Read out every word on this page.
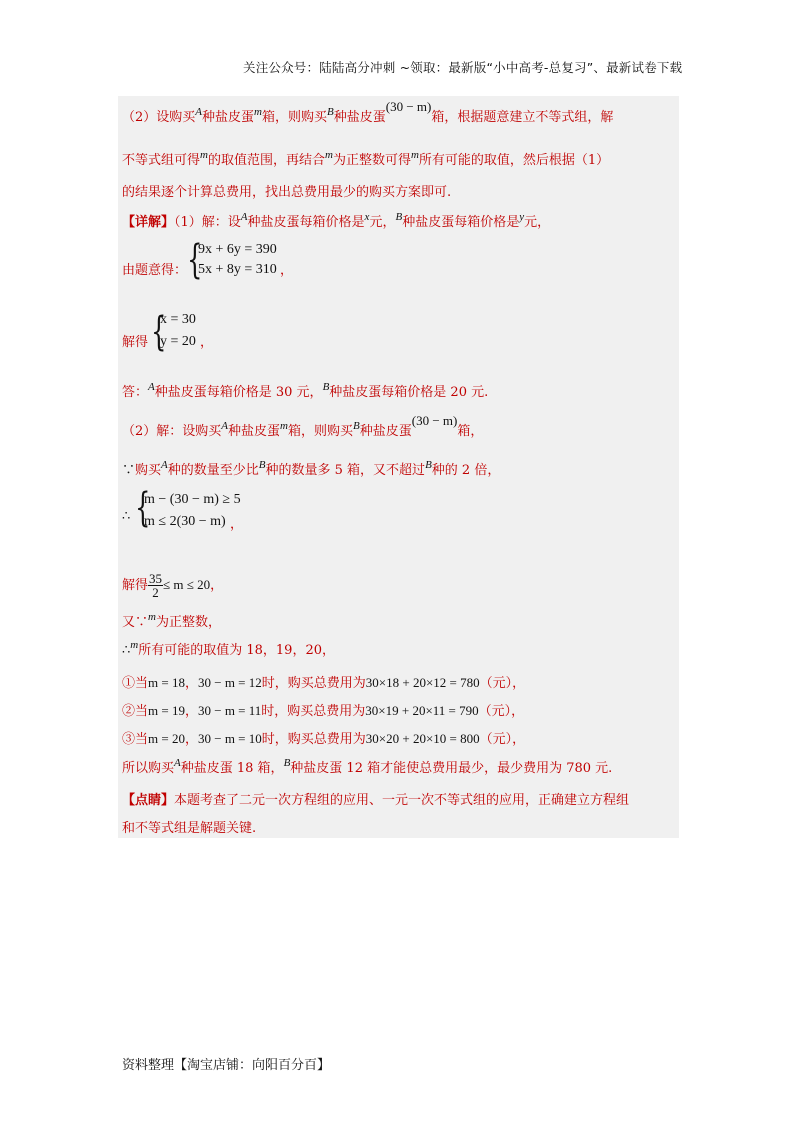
关注公众号：陆陆高分冲刺 ~领取：最新版“小中高考-总复习”、最新试卷下载
（2）设购买$^A$种盐皮蛋$^m$箱，则购买$^B$种盐皮蛋(30 − m)箱，根据题意建立不等式组，解
不等式组可得$^m$的取值范围，再结合$^m$为正整数可得$^m$所有可能的取值，然后根据（1）
的结果逐个计算总费用，找出总费用最少的购买方案即可.
【详解】（1）解：设$^A$种盐皮蛋每箱价格是$^x$元，$^B$种盐皮蛋每箱价格是$^y$元，
由题意得： {
9x + 6y = 390
5x + 8y = 310 ，
解得 {
x = 30
y = 20 ，
答：$^A$种盐皮蛋每箱价格是 30 元，$^B$种盐皮蛋每箱价格是 20 元.
（2）解：设购买$^A$种盐皮蛋$^m$箱，则购买$^B$种盐皮蛋(30 − m)箱，
∵购买$^A$种的数量至少比$^B$种的数量多 5 箱，又不超过$^B$种的 2 倍，
∴ {
m − (30 − m) ≥ 5
m ≤ 2(30 − m) ，
解得 $\frac{35}{2} \le m \le 20$，
又∵$^m$为正整数，
∴$^m$所有可能的取值为 18，19，20，
①当m = 18，30 − m = 12时，购买总费用为30×18 + 20×12 = 780（元），
②当m = 19，30 − m = 11时，购买总费用为30×19 + 20×11 = 790（元），
③当m = 20，30 − m = 10时，购买总费用为30×20 + 20×10 = 800（元），
所以购买$^A$种盐皮蛋 18 箱，$^B$种盐皮蛋 12 箱才能使总费用最少，最少费用为 780 元.
【点睛】本题考查了二元一次方程组的应用、一元一次不等式组的应用，正确建立方程组
和不等式组是解题关键.
资料整理【淘宝店铺：向阳百分百】
